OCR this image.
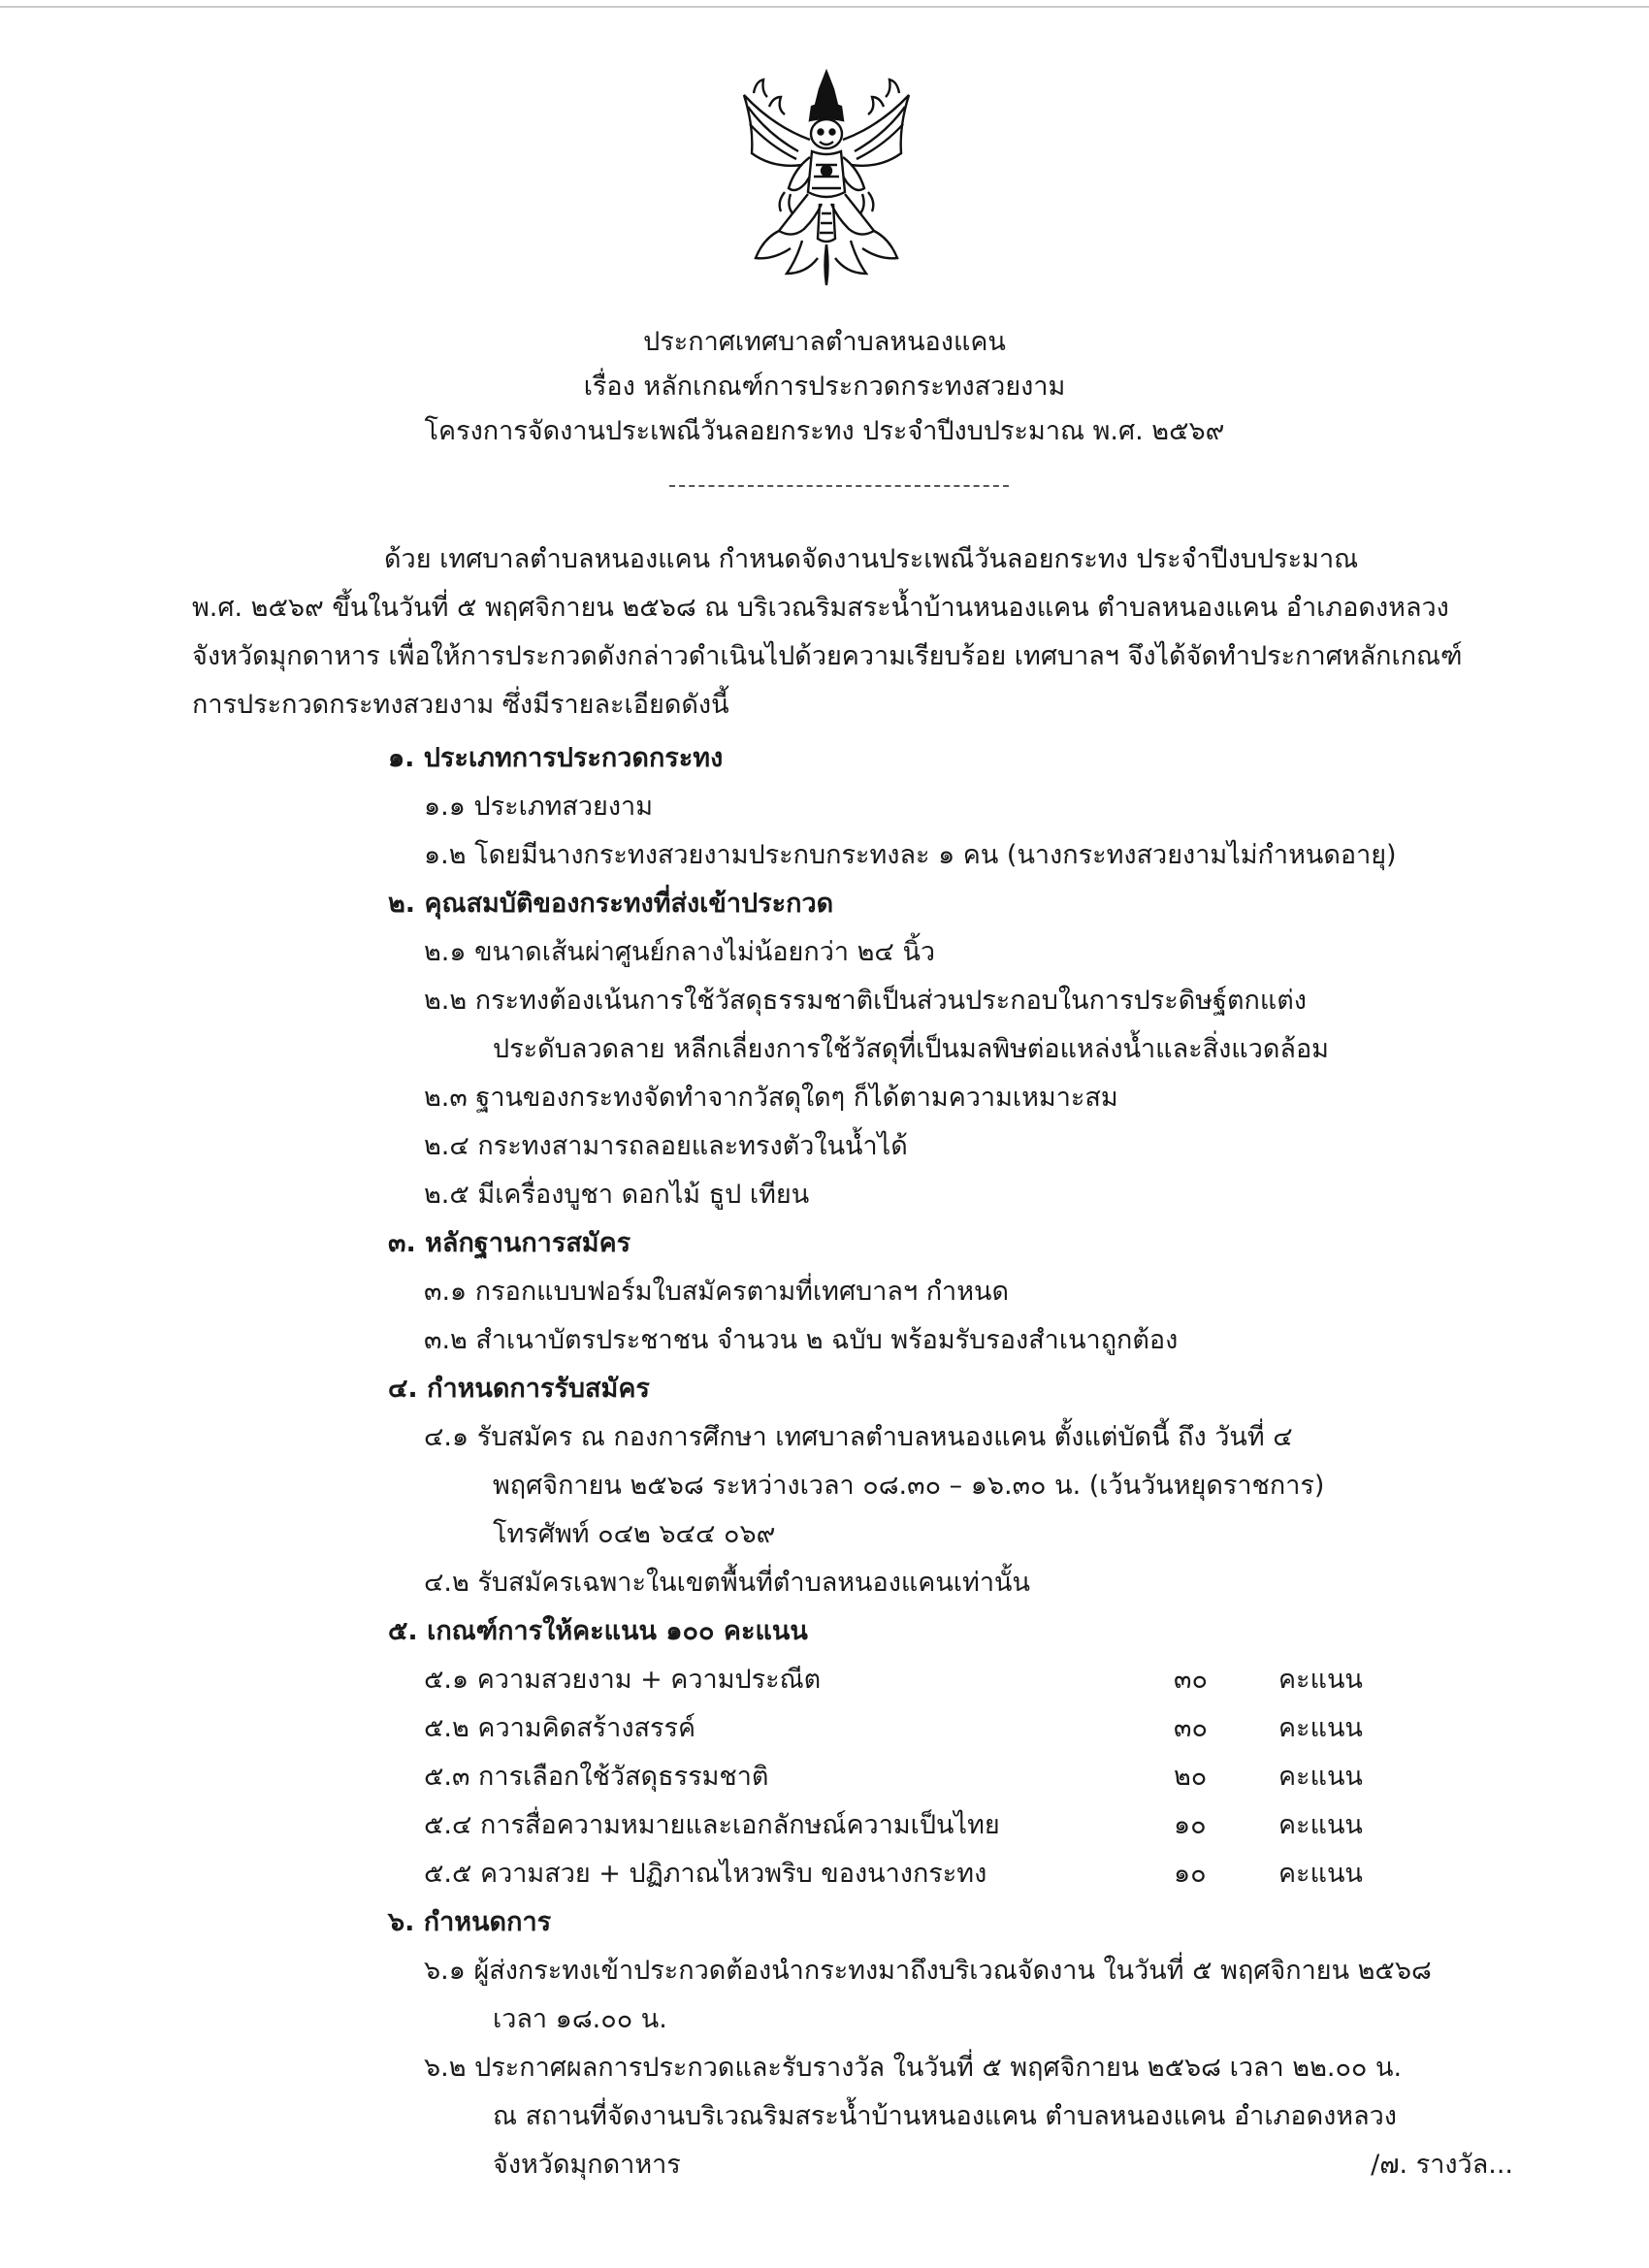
ประกาศเทศบาลตำบลหนองแคน
เรื่อง หลักเกณฑ์การประกวดกระทงสวยงาม
โครงการจัดงานประเพณีวันลอยกระทง ประจำปีงบประมาณ พ.ศ. ๒๕๖๙
ด้วย เทศบาลตำบลหนองแคน กำหนดจัดงานประเพณีวันลอยกระทง ประจำปีงบประมาณ
พ.ศ. ๒๕๖๙ ขึ้นในวันที่ ๕ พฤศจิกายน ๒๕๖๘ ณ บริเวณริมสระน้ำบ้านหนองแคน ตำบลหนองแคน อำเภอดงหลวง
จังหวัดมุกดาหาร เพื่อให้การประกวดดังกล่าวดำเนินไปด้วยความเรียบร้อย เทศบาลฯ จึงได้จัดทำประกาศหลักเกณฑ์
การประกวดกระทงสวยงาม ซึ่งมีรายละเอียดดังนี้
๑. ประเภทการประกวดกระทง
๑.๑ ประเภทสวยงาม
๑.๒ โดยมีนางกระทงสวยงามประกบกระทงละ ๑ คน (นางกระทงสวยงามไม่กำหนดอายุ)
๒. คุณสมบัติของกระทงที่ส่งเข้าประกวด
๒.๑ ขนาดเส้นผ่าศูนย์กลางไม่น้อยกว่า ๒๔ นิ้ว
๒.๒ กระทงต้องเน้นการใช้วัสดุธรรมชาติเป็นส่วนประกอบในการประดิษฐ์ตกแต่ง
ประดับลวดลาย หลีกเลี่ยงการใช้วัสดุที่เป็นมลพิษต่อแหล่งน้ำและสิ่งแวดล้อม
๒.๓ ฐานของกระทงจัดทำจากวัสดุใดๆ ก็ได้ตามความเหมาะสม
๒.๔ กระทงสามารถลอยและทรงตัวในน้ำได้
๒.๕ มีเครื่องบูชา ดอกไม้ ธูป เทียน
๓. หลักฐานการสมัคร
๓.๑ กรอกแบบฟอร์มใบสมัครตามที่เทศบาลฯ กำหนด
๓.๒ สำเนาบัตรประชาชน จำนวน ๒ ฉบับ พร้อมรับรองสำเนาถูกต้อง
๔. กำหนดการรับสมัคร
๔.๑ รับสมัคร ณ กองการศึกษา เทศบาลตำบลหนองแคน ตั้งแต่บัดนี้ ถึง วันที่ ๔
พฤศจิกายน ๒๕๖๘ ระหว่างเวลา ๐๘.๓๐ – ๑๖.๓๐ น. (เว้นวันหยุดราชการ)
โทรศัพท์ ๐๔๒ ๖๔๔ ๐๖๙
๔.๒ รับสมัครเฉพาะในเขตพื้นที่ตำบลหนองแคนเท่านั้น
๕. เกณฑ์การให้คะแนน ๑๐๐ คะแนน
๕.๑ ความสวยงาม + ความประณีต	๓๐	คะแนน
๕.๒ ความคิดสร้างสรรค์	๓๐	คะแนน
๕.๓ การเลือกใช้วัสดุธรรมชาติ	๒๐	คะแนน
๕.๔ การสื่อความหมายและเอกลักษณ์ความเป็นไทย	๑๐	คะแนน
๕.๕ ความสวย + ปฏิภาณไหวพริบ ของนางกระทง	๑๐	คะแนน
๖. กำหนดการ
๖.๑ ผู้ส่งกระทงเข้าประกวดต้องนำกระทงมาถึงบริเวณจัดงาน ในวันที่ ๕ พฤศจิกายน ๒๕๖๘
เวลา ๑๘.๐๐ น.
๖.๒ ประกาศผลการประกวดและรับรางวัล ในวันที่ ๕ พฤศจิกายน ๒๕๖๘ เวลา ๒๒.๐๐ น.
ณ สถานที่จัดงานบริเวณริมสระน้ำบ้านหนองแคน ตำบลหนองแคน อำเภอดงหลวง
จังหวัดมุกดาหาร	/๗. รางวัล...
